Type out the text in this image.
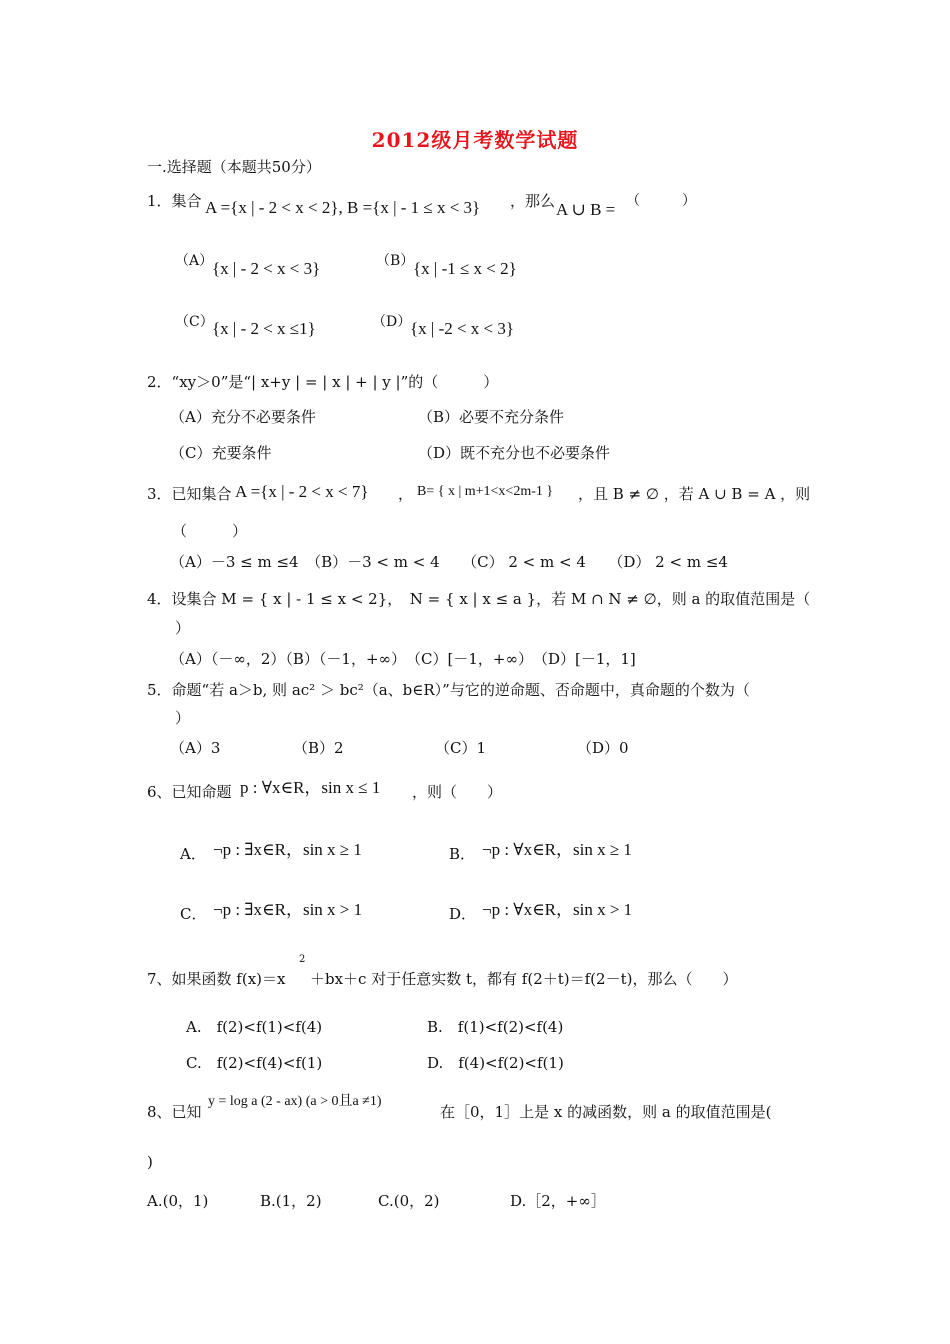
2012级月考数学试题
一.选择题（本题共50分）
1．集合 A ={x | - 2 < x < 2}, B ={x | - 1 ≤ x < 3} ，那么 A ∪ B = （　　　）
（A）
{x | - 2 < x < 3}	（B）
{x | -1 ≤ x < 2}
（C）
{x | - 2 < x ≤1}	（D）
{x | -2 < x < 3}
2．“xy＞0”是“| x+y | = | x | + | y |”的（　　　）
（A）充分不必要条件	（B）必要不充分条件
（C）充要条件	（D）既不充分也不必要条件
3．已知集合 A ={x | - 2 < x < 7} ， B= { x | m+1<x<2m-1 } ，且 B ≠ ∅ ，若 A ∪ B = A ，则
（　　　）
（A）－3 ≤ m ≤4　（B）－3 < m < 4　　（C） 2 < m < 4　　（D） 2 < m ≤4
4．设集合 M = { x | - 1 ≤ x < 2}，　N = { x | x ≤ a }，若 M ∩ N ≠ ∅，则 a 的取值范围是（
）
（A）（－∞，2）（B）（－1，+∞）　（C）[－1，+∞）　（D）[－1，1]
5．命题“若 a＞b, 则 ac² ＞ bc²（a、b∈R）”与它的逆命题、否命题中，真命题的个数为（
）
（A）3	（B）2	（C）1	（D）0
6、已知命题 p : ∀x∈R，sin x ≤ 1 ，则（　　）
A． ¬p : ∃x∈R，sin x ≥ 1	B． ¬p : ∀x∈R，sin x ≥ 1
C． ¬p : ∃x∈R，sin x > 1	D． ¬p : ∀x∈R，sin x > 1
7、如果函数 f(x)＝x
2
＋bx＋c 对于任意实数 t，都有 f(2＋t)＝f(2－t)，那么（　　）
A.　f(2)<f(1)<f(4)	B.　f(1)<f(2)<f(4)
C.　f(2)<f(4)<f(1)	D.　f(4)<f(2)<f(1)
8、已知
y = log a (2 - ax) (a > 0且a ≠1)
在［0，1］上是 x 的减函数，则 a 的取值范围是(
)
A.(0，1)	B.(1，2)	C.(0，2)	D.［2，+∞］
